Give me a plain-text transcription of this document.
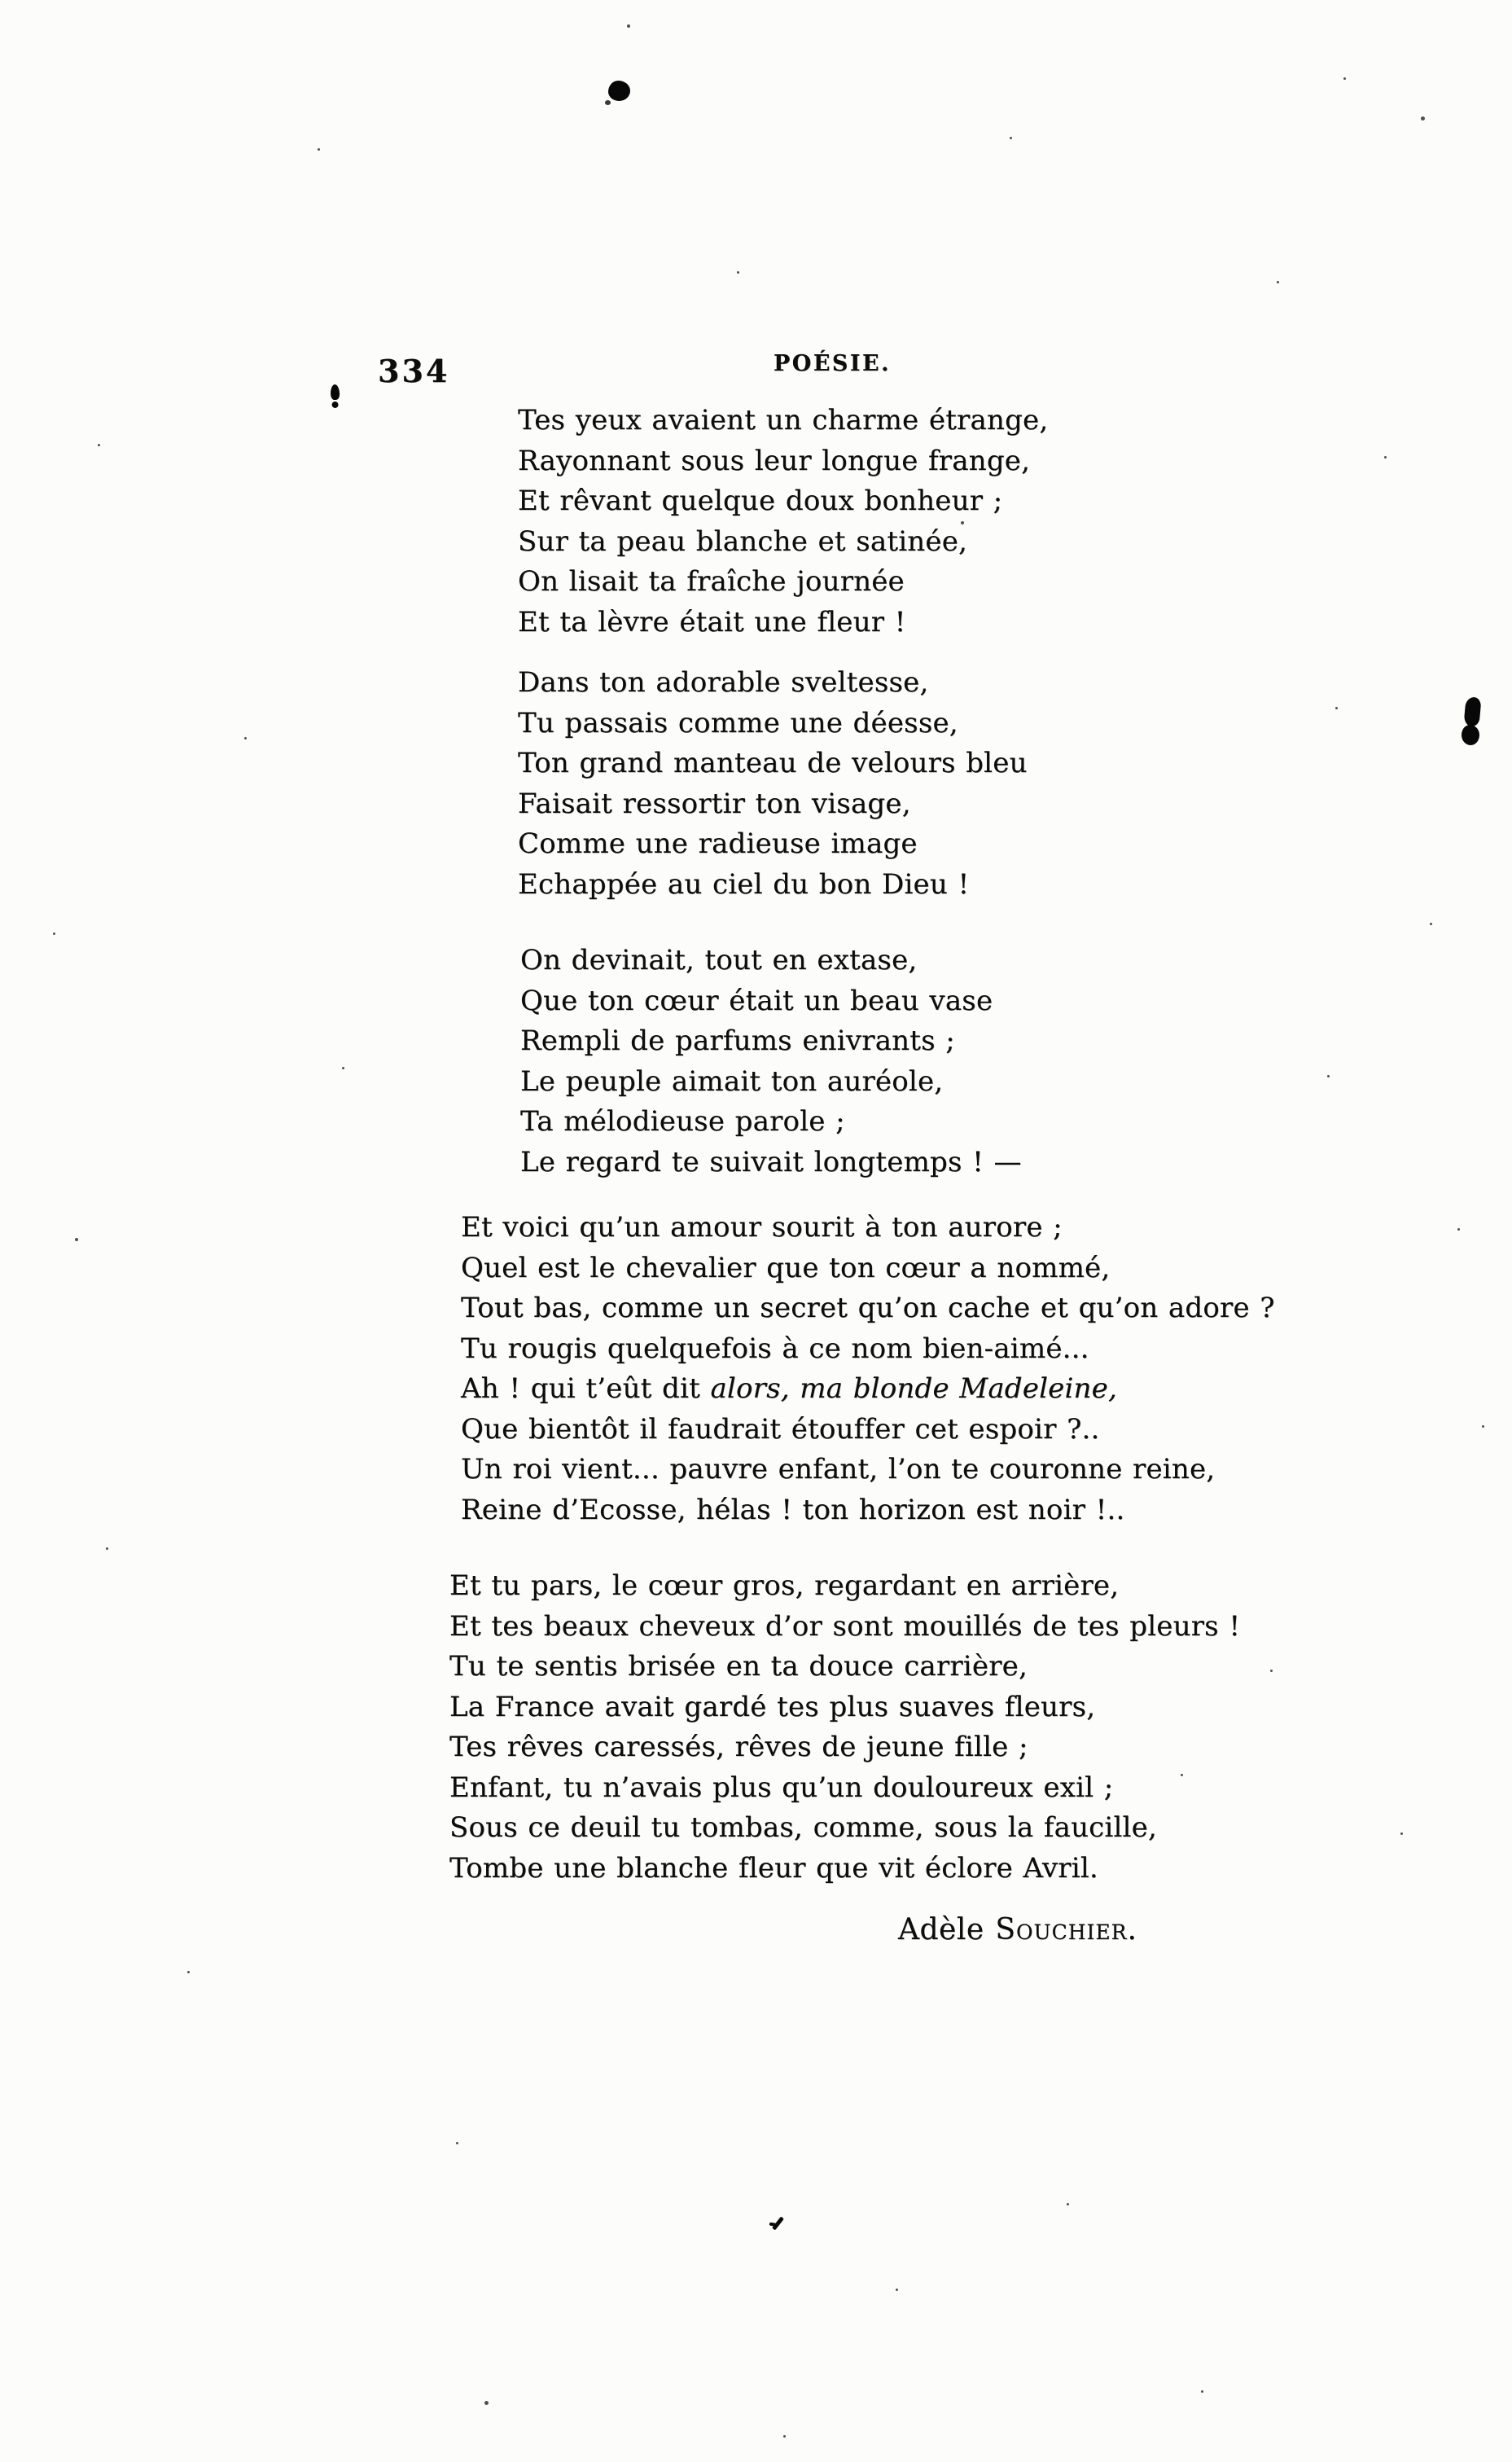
334	POÉSIE.
Tes yeux avaient un charme étrange,
Rayonnant sous leur longue frange,
Et rêvant quelque doux bonheur ;
Sur ta peau blanche et satinée,
On lisait ta fraîche journée
Et ta lèvre était une fleur !
Dans ton adorable sveltesse,
Tu passais comme une déesse,
Ton grand manteau de velours bleu
Faisait ressortir ton visage,
Comme une radieuse image
Echappée au ciel du bon Dieu !
On devinait, tout en extase,
Que ton cœur était un beau vase
Rempli de parfums enivrants ;
Le peuple aimait ton auréole,
Ta mélodieuse parole ;
Le regard te suivait longtemps ! —
Et voici qu’un amour sourit à ton aurore ;
Quel est le chevalier que ton cœur a nommé,
Tout bas, comme un secret qu’on cache et qu’on adore ?
Tu rougis quelquefois à ce nom bien-aimé...
Ah ! qui t’eût dit alors, ma blonde Madeleine,
Que bientôt il faudrait étouffer cet espoir ?..
Un roi vient... pauvre enfant, l’on te couronne reine,
Reine d’Ecosse, hélas ! ton horizon est noir !..
Et tu pars, le cœur gros, regardant en arrière,
Et tes beaux cheveux d’or sont mouillés de tes pleurs !
Tu te sentis brisée en ta douce carrière,
La France avait gardé tes plus suaves fleurs,
Tes rêves caressés, rêves de jeune fille ;
Enfant, tu n’avais plus qu’un douloureux exil ;
Sous ce deuil tu tombas, comme, sous la faucille,
Tombe une blanche fleur que vit éclore Avril.
Adèle Souchier.
